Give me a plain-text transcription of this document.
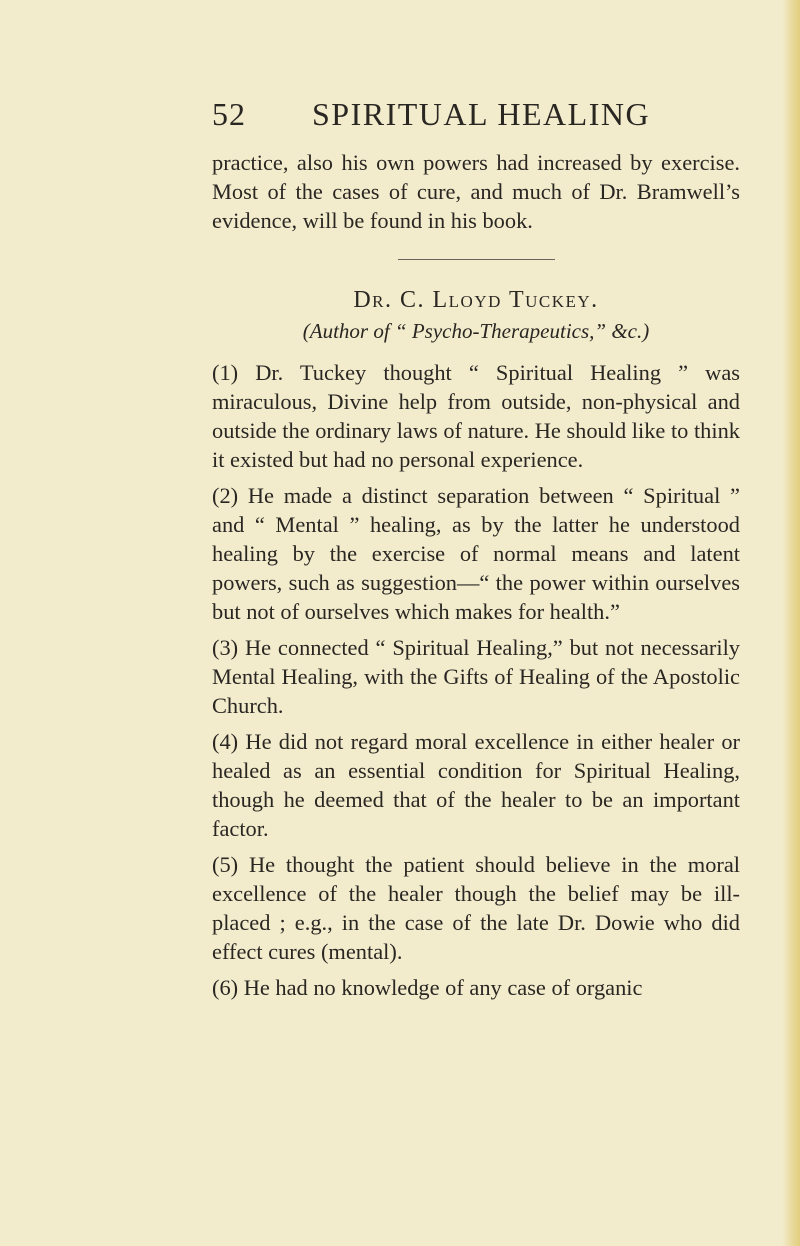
52 SPIRITUAL HEALING

practice, also his own powers had increased by exercise. Most of the cases of cure, and much of Dr. Bramwell’s evidence, will be found in his book.

Dr. C. Lloyd Tuckey.

(Author of “ Psycho-Therapeutics,” &c.)

(1) Dr. Tuckey thought “ Spiritual Healing ” was miraculous, Divine help from outside, non-physical and outside the ordinary laws of nature. He should like to think it existed but had no personal experience.

(2) He made a distinct separation between “ Spiritual ” and “ Mental ” healing, as by the latter he understood healing by the exercise of normal means and latent powers, such as suggestion—“ the power within ourselves but not of ourselves which makes for health.”

(3) He connected “ Spiritual Healing,” but not necessarily Mental Healing, with the Gifts of Healing of the Apostolic Church.

(4) He did not regard moral excellence in either healer or healed as an essential condition for Spiritual Healing, though he deemed that of the healer to be an important factor.

(5) He thought the patient should believe in the moral excellence of the healer though the belief may be ill-placed ; e.g., in the case of the late Dr. Dowie who did effect cures (mental).

(6) He had no knowledge of any case of organic
